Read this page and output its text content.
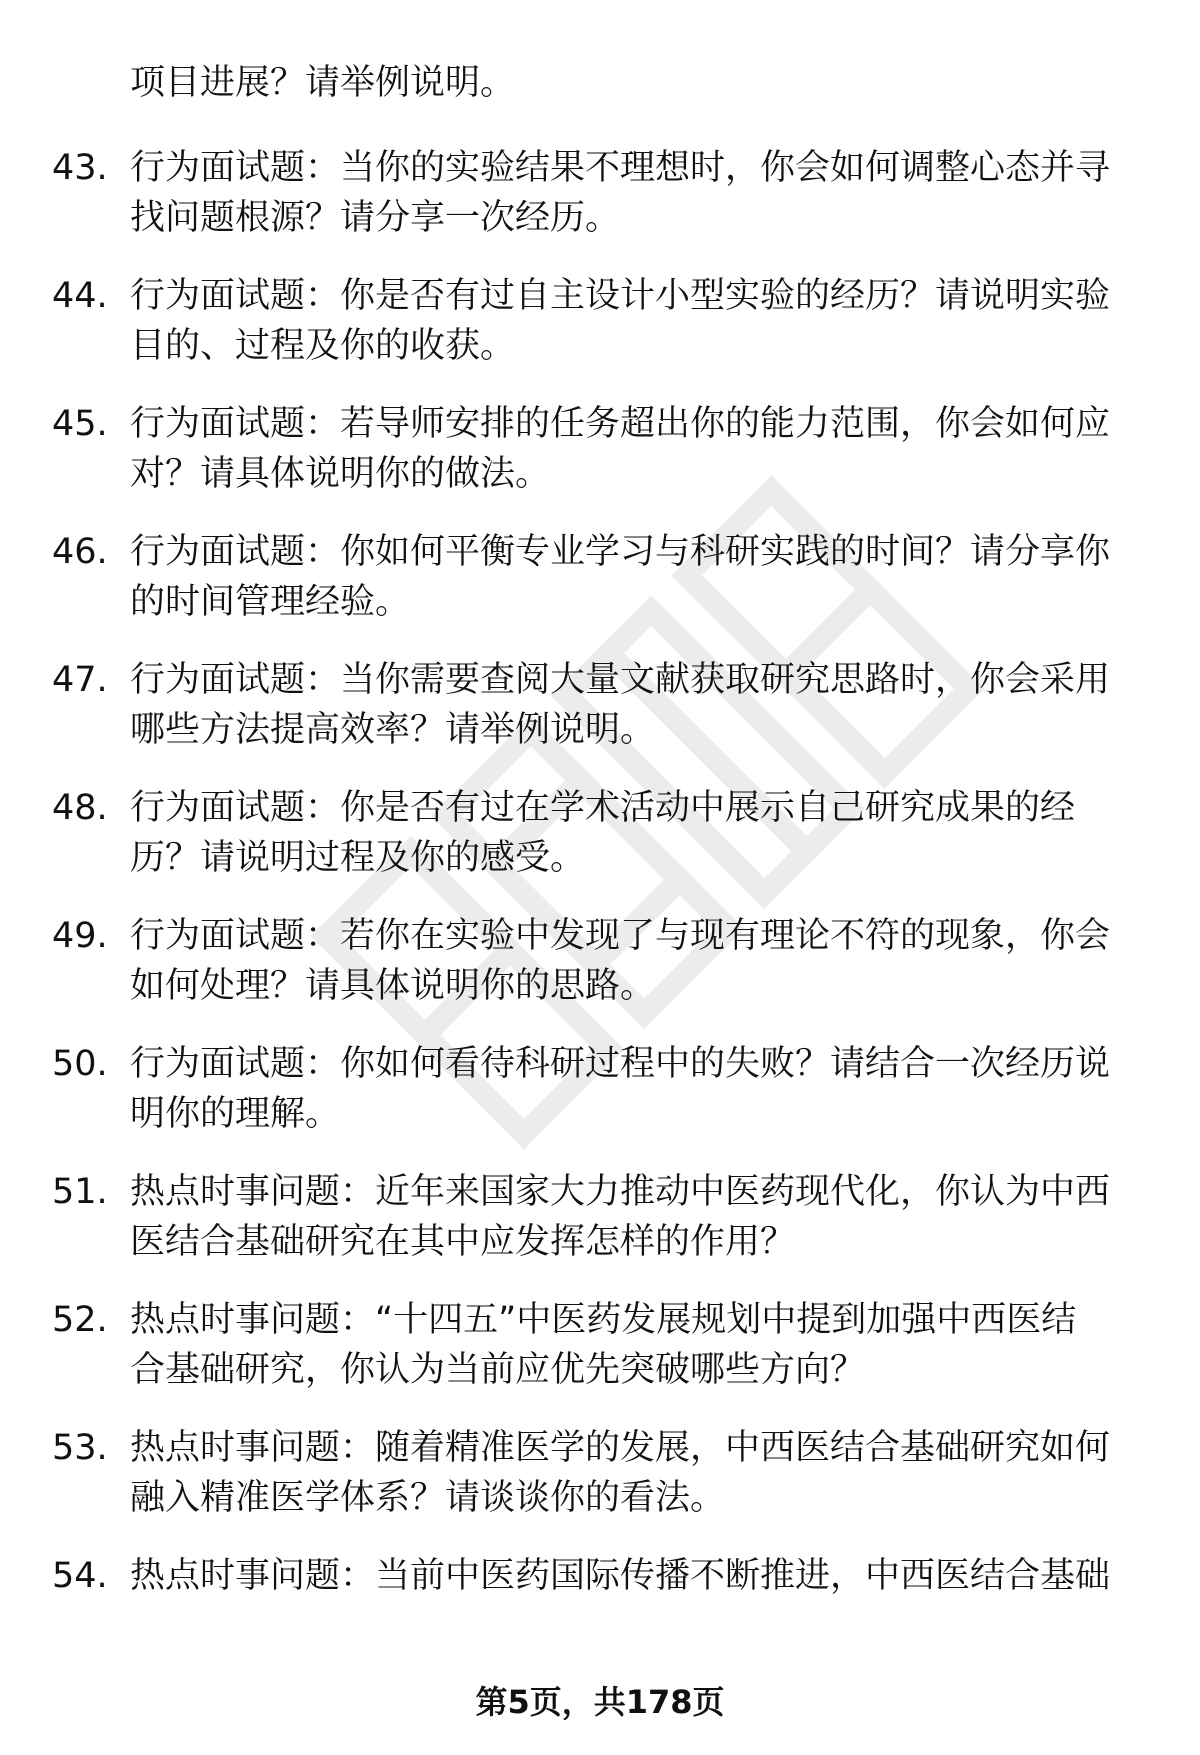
项目进展？请举例说明。
43. 行为面试题：当你的实验结果不理想时，你会如何调整心态并寻
找问题根源？请分享一次经历。
44. 行为面试题：你是否有过自主设计小型实验的经历？请说明实验
目的、过程及你的收获。
45. 行为面试题：若导师安排的任务超出你的能力范围，你会如何应
对？请具体说明你的做法。
46. 行为面试题：你如何平衡专业学习与科研实践的时间？请分享你
的时间管理经验。
47. 行为面试题：当你需要查阅大量文献获取研究思路时，你会采用
哪些方法提高效率？请举例说明。
48. 行为面试题：你是否有过在学术活动中展示自己研究成果的经
历？请说明过程及你的感受。
49. 行为面试题：若你在实验中发现了与现有理论不符的现象，你会
如何处理？请具体说明你的思路。
50. 行为面试题：你如何看待科研过程中的失败？请结合一次经历说
明你的理解。
51. 热点时事问题：近年来国家大力推动中医药现代化，你认为中西
医结合基础研究在其中应发挥怎样的作用？
52. 热点时事问题：“十四五”中医药发展规划中提到加强中西医结
合基础研究，你认为当前应优先突破哪些方向？
53. 热点时事问题：随着精准医学的发展，中西医结合基础研究如何
融入精准医学体系？请谈谈你的看法。
54. 热点时事问题：当前中医药国际传播不断推进，中西医结合基础
第5页，共178页
